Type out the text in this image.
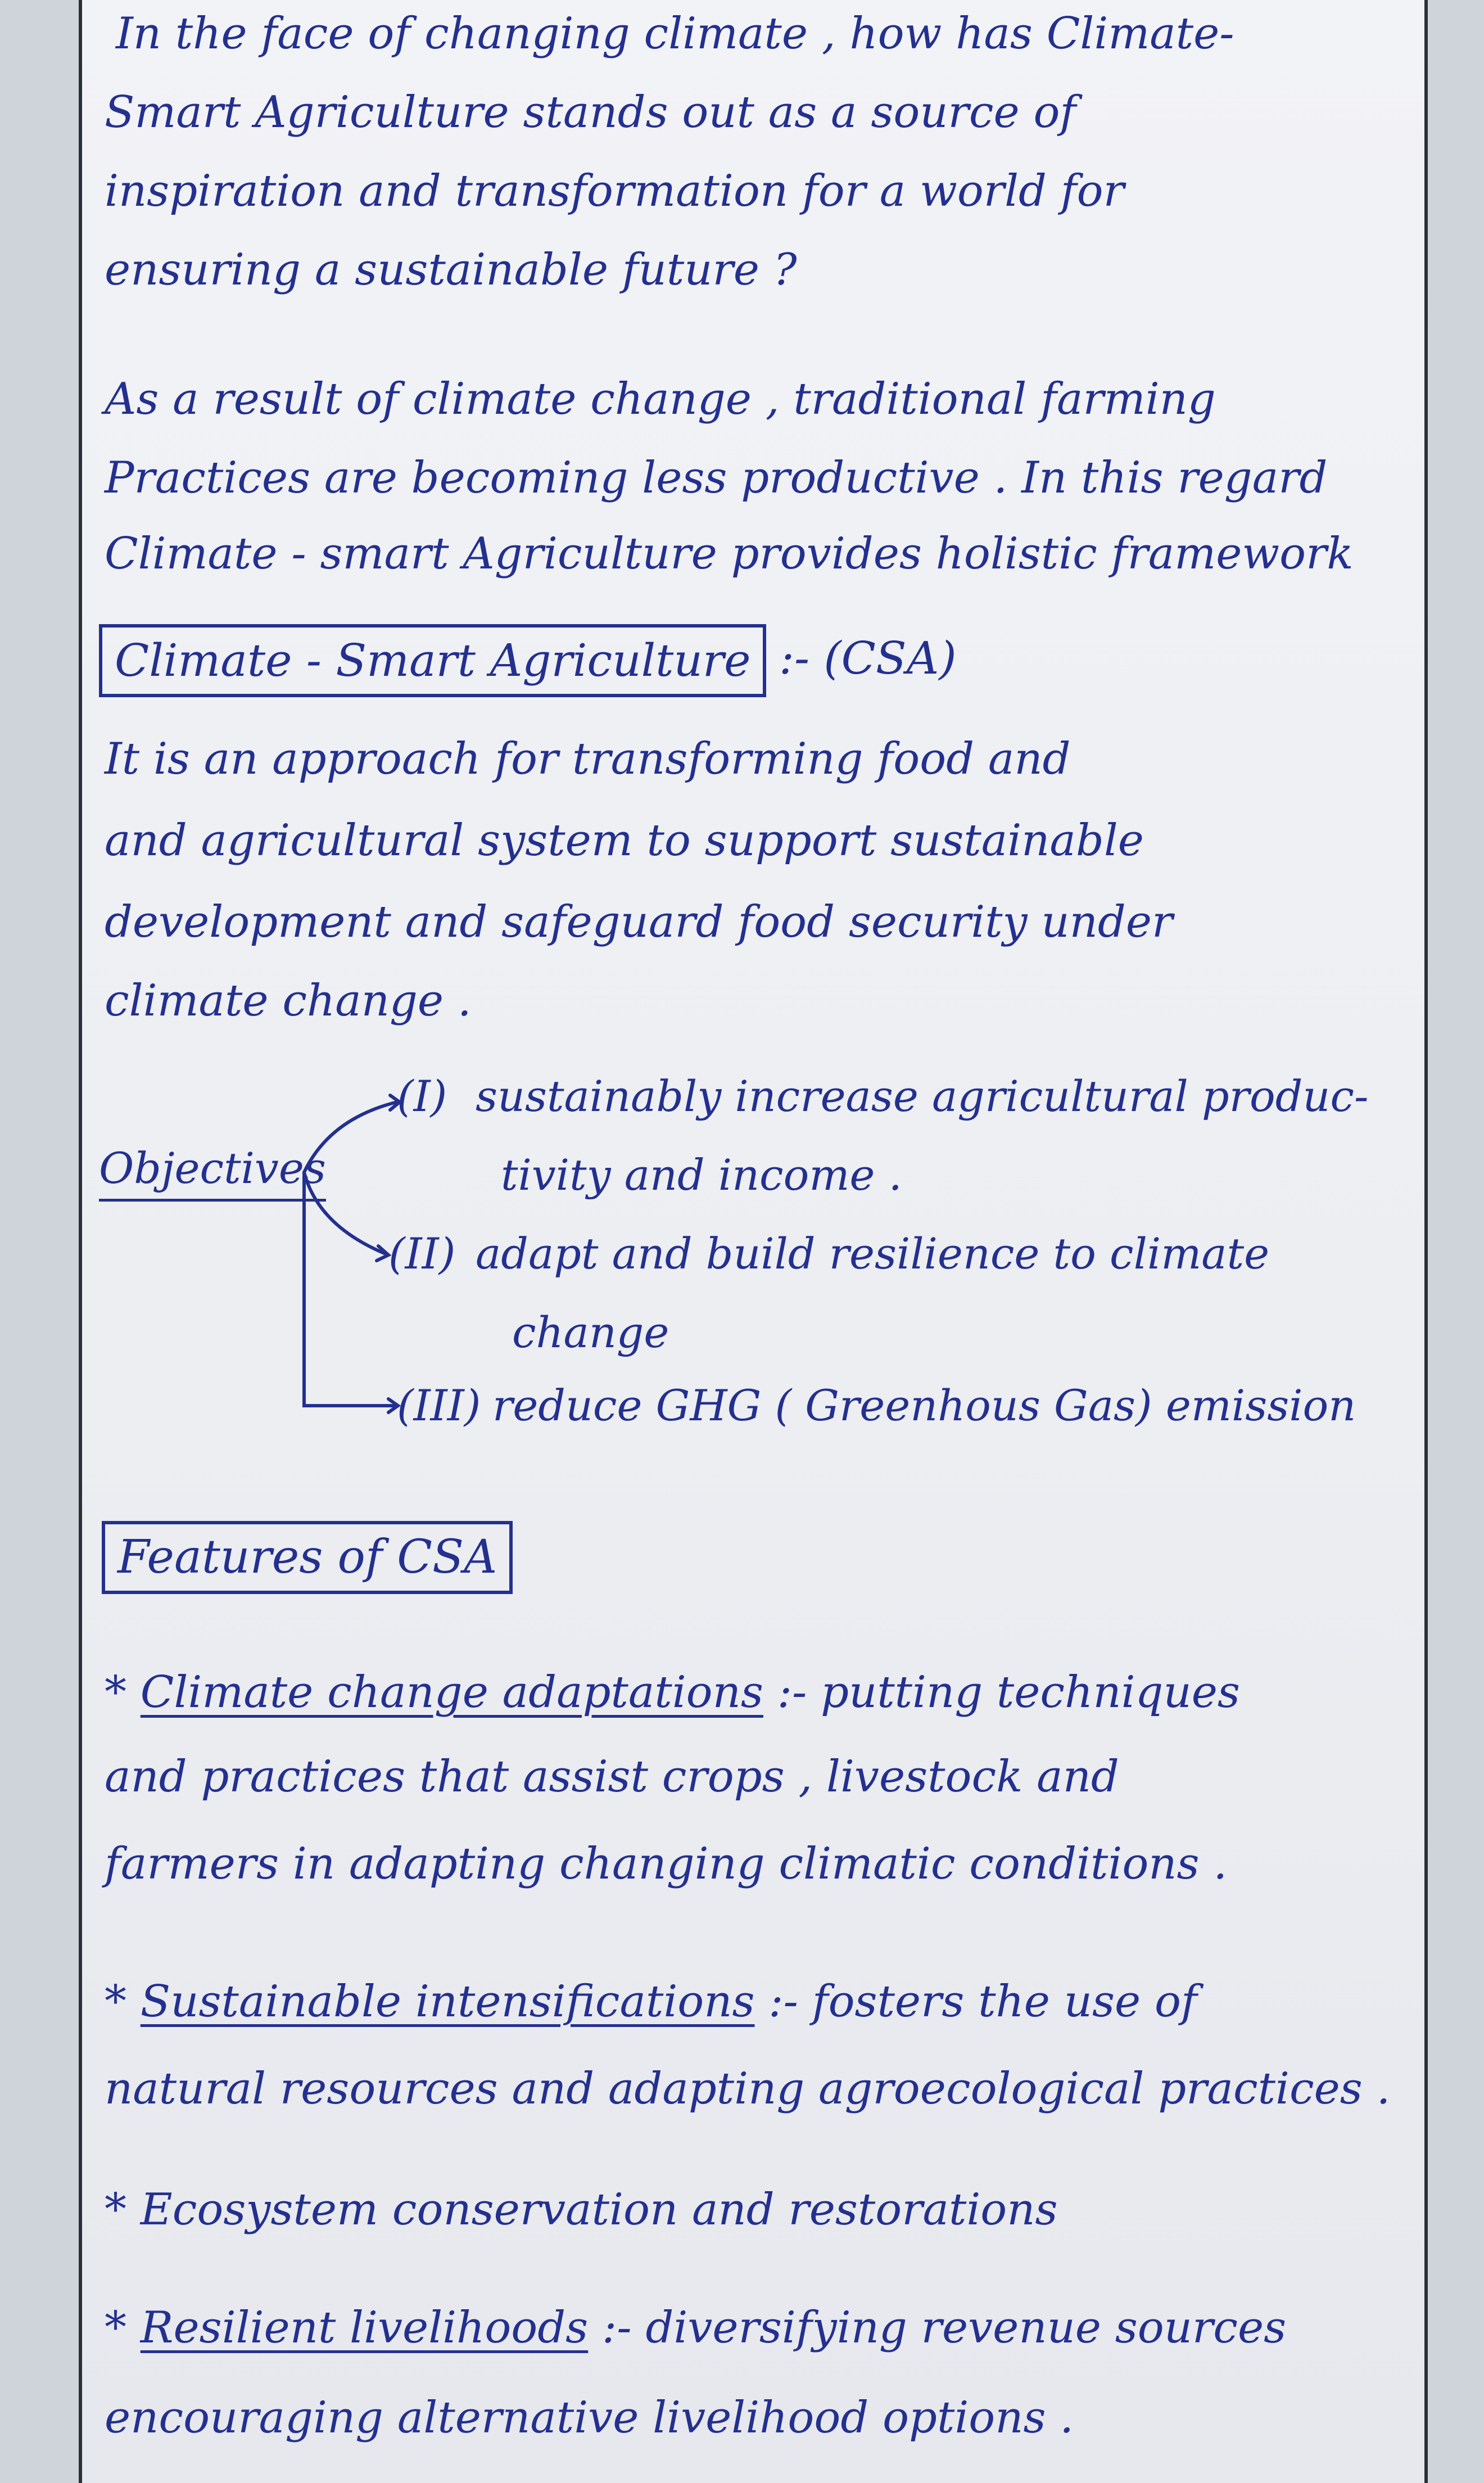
In the face of changing climate , how has Climate-
Smart Agriculture stands out as a source of
inspiration and transformation for a world for
ensuring a sustainable future ?
As a result of climate change , traditional farming
Practices are becoming less productive . In this regard
Climate - smart Agriculture provides holistic framework
Climate - Smart Agriculture :- (CSA)
It is an approach for transforming food and
and agricultural system to support sustainable
development and safeguard food security under
climate change .
Objectives
(I) sustainably increase agricultural produc-
tivity and income .
(II) adapt and build resilience to climate
change
(III) reduce GHG ( Greenhous Gas) emission
Features of CSA
* Climate change adaptations :- putting techniques
and practices that assist crops , livestock and
farmers in adapting changing climatic conditions .
* Sustainable intensifications :- fosters the use of
natural resources and adapting agroecological practices .
* Ecosystem conservation and restorations
* Resilient livelihoods :- diversifying revenue sources
encouraging alternative livelihood options .
